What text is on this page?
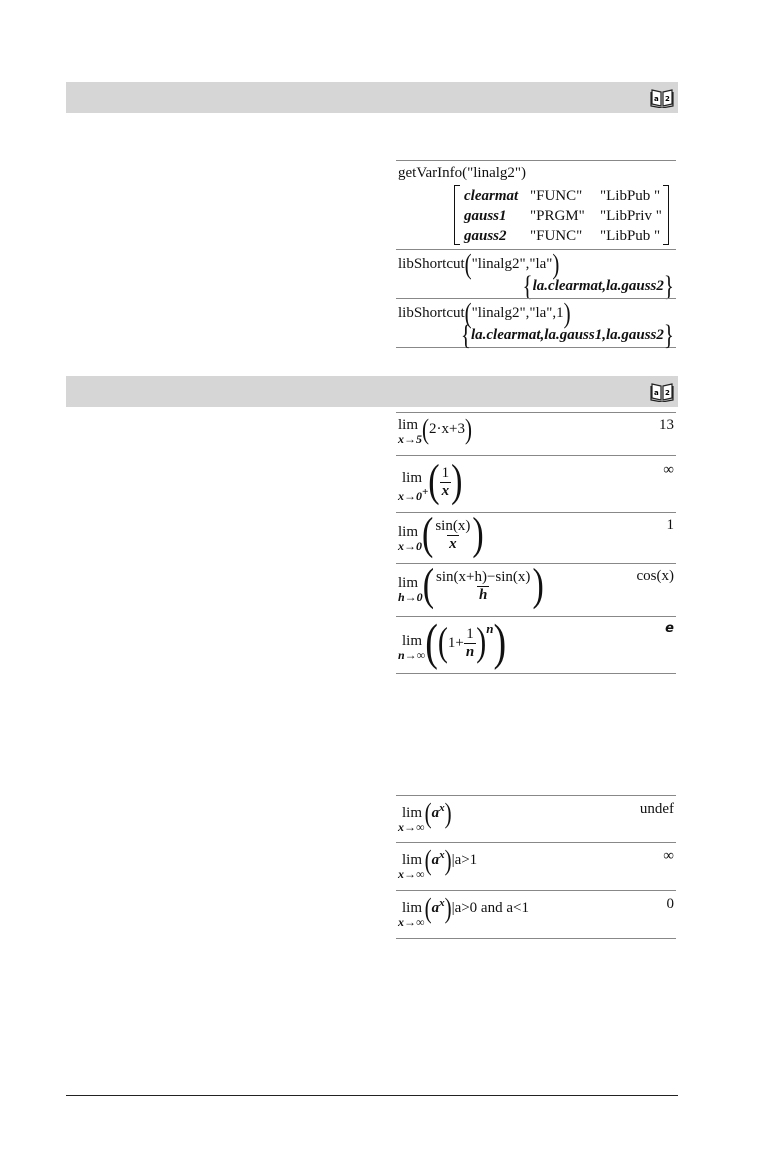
a 2
getVarInfo("linalg2")
clearmat "FUNC"	"LibPub "
gauss1	"PRGM"	"LibPriv "
gauss2	"FUNC"	"LibPub "
libShortcut("linalg2","la")
{la.clearmat,la.gauss2}
libShortcut("linalg2","la",1)
{la.clearmat,la.gauss1,la.gauss2}
a 2
lim
x→5 (2·x+3)	13
lim
x→0+ ( $\frac{1}{x}$ )	∞
lim
x→0 ( $\frac{\sin(x)}{x}$ )	1
lim
h→0 ( $\frac{\sin(x+h)-\sin(x)}{h}$ )	cos(x)
lim
n→∞ ( ( $1+ \frac{1}{n}$ ) n )	e
lim
x→∞ $(a^x)$	undef
lim
x→∞ $(a^x)|a>1$	∞
lim
x→∞ $(a^x)|a>0$ and a<1	0
